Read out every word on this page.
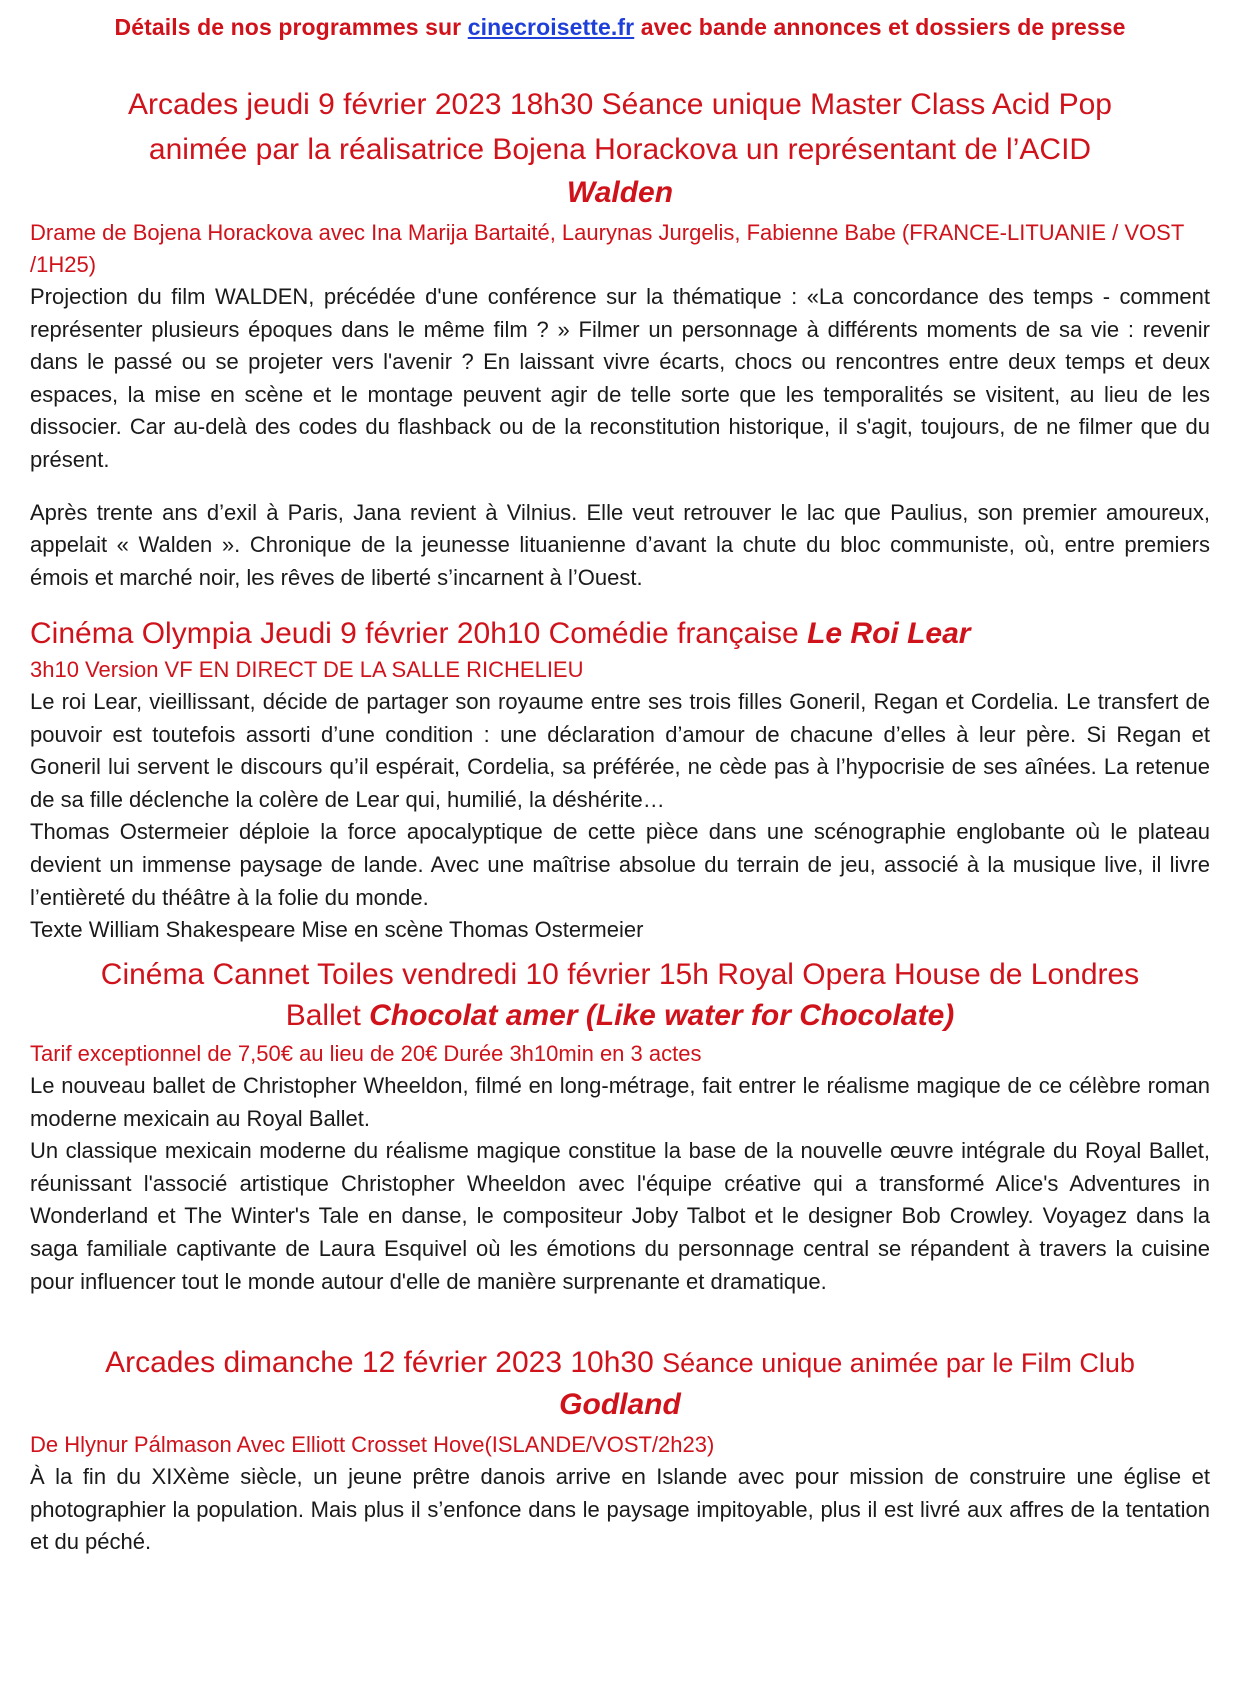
Détails de nos programmes sur cinecroisette.fr avec bande annonces et dossiers de presse
Arcades jeudi 9 février 2023 18h30 Séance unique Master Class Acid Pop
animée par la réalisatrice Bojena Horackova un représentant de l’ACID
Walden
Drame de Bojena Horackova avec Ina Marija Bartaité, Laurynas Jurgelis, Fabienne Babe (FRANCE-LITUANIE / VOST /1H25)
Projection du film WALDEN, précédée d'une conférence sur la thématique : «La concordance des temps - comment représenter plusieurs époques dans le même film ? » Filmer un personnage à différents moments de sa vie : revenir dans le passé ou se projeter vers l'avenir ? En laissant vivre écarts, chocs ou rencontres entre deux temps et deux espaces, la mise en scène et le montage peuvent agir de telle sorte que les temporalités se visitent, au lieu de les dissocier. Car au-delà des codes du flashback ou de la reconstitution historique, il s'agit, toujours, de ne filmer que du présent.
Après trente ans d’exil à Paris, Jana revient à Vilnius. Elle veut retrouver le lac que Paulius, son premier amoureux, appelait « Walden ». Chronique de la jeunesse lituanienne d’avant la chute du bloc communiste, où, entre premiers émois et marché noir, les rêves de liberté s’incarnent à l’Ouest.
Cinéma Olympia Jeudi 9 février 20h10 Comédie française Le Roi Lear
3h10 Version VF EN DIRECT DE LA SALLE RICHELIEU
Le roi Lear, vieillissant, décide de partager son royaume entre ses trois filles Goneril, Regan et Cordelia. Le transfert de pouvoir est toutefois assorti d’une condition : une déclaration d’amour de chacune d’elles à leur père. Si Regan et Goneril lui servent le discours qu’il espérait, Cordelia, sa préférée, ne cède pas à l’hypocrisie de ses aînées. La retenue de sa fille déclenche la colère de Lear qui, humilié, la déshérite…
Thomas Ostermeier déploie la force apocalyptique de cette pièce dans une scénographie englobante où le plateau devient un immense paysage de lande. Avec une maîtrise absolue du terrain de jeu, associé à la musique live, il livre l’entièreté du théâtre à la folie du monde.
Texte William Shakespeare Mise en scène Thomas Ostermeier
Cinéma Cannet Toiles vendredi 10 février 15h Royal Opera House de Londres
Ballet Chocolat amer (Like water for Chocolate)
Tarif exceptionnel de 7,50€ au lieu de 20€ Durée 3h10min en 3 actes
Le nouveau ballet de Christopher Wheeldon, filmé en long-métrage, fait entrer le réalisme magique de ce célèbre roman moderne mexicain au Royal Ballet.
Un classique mexicain moderne du réalisme magique constitue la base de la nouvelle œuvre intégrale du Royal Ballet, réunissant l'associé artistique Christopher Wheeldon avec l'équipe créative qui a transformé Alice's Adventures in Wonderland et The Winter's Tale en danse, le compositeur Joby Talbot et le designer Bob Crowley. Voyagez dans la saga familiale captivante de Laura Esquivel où les émotions du personnage central se répandent à travers la cuisine pour influencer tout le monde autour d'elle de manière surprenante et dramatique.
Arcades dimanche 12 février 2023 10h30 Séance unique animée par le Film Club
Godland
De Hlynur Pálmason Avec Elliott Crosset Hove(ISLANDE/VOST/2h23)
À la fin du XIXème siècle, un jeune prêtre danois arrive en Islande avec pour mission de construire une église et photographier la population. Mais plus il s’enfonce dans le paysage impitoyable, plus il est livré aux affres de la tentation et du péché.
